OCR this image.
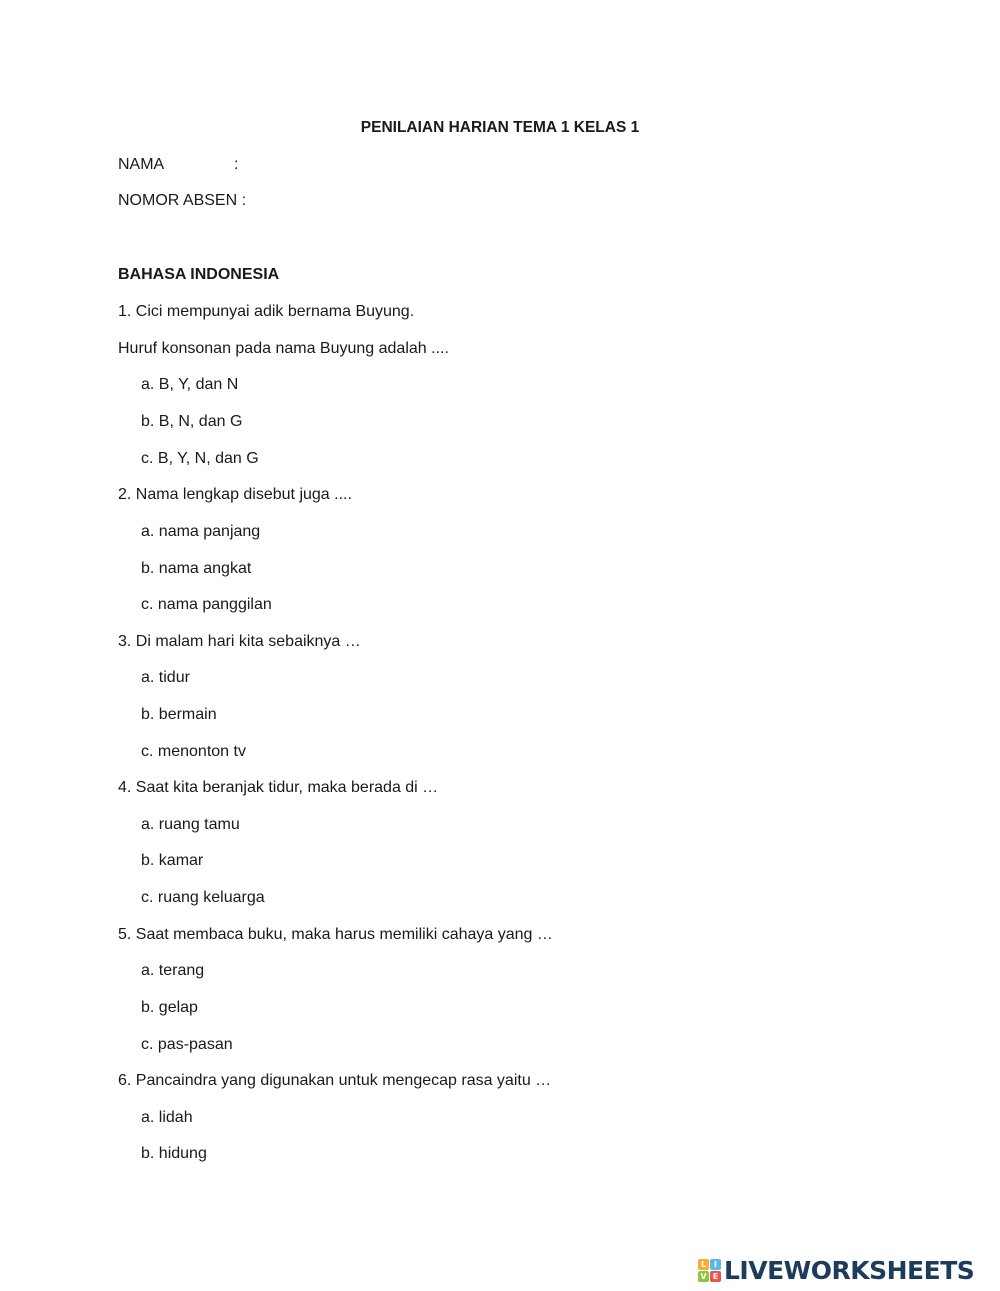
PENILAIAN HARIAN TEMA 1 KELAS 1
NAMA	:
NOMOR ABSEN :
BAHASA INDONESIA
1. Cici mempunyai adik bernama Buyung.
Huruf konsonan pada nama Buyung adalah ....
a. B, Y, dan N
b. B, N, dan G
c. B, Y, N, dan G
2. Nama lengkap disebut juga ....
a. nama panjang
b. nama angkat
c. nama panggilan
3. Di malam hari kita sebaiknya …
a. tidur
b. bermain
c. menonton tv
4. Saat kita beranjak tidur, maka berada di …
a. ruang tamu
b. kamar
c. ruang keluarga
5. Saat membaca buku, maka harus memiliki cahaya yang …
a. terang
b. gelap
c. pas-pasan
6. Pancaindra yang digunakan untuk mengecap rasa yaitu …
a. lidah
b. hidung
L I
V E LIVEWORKSHEETS
